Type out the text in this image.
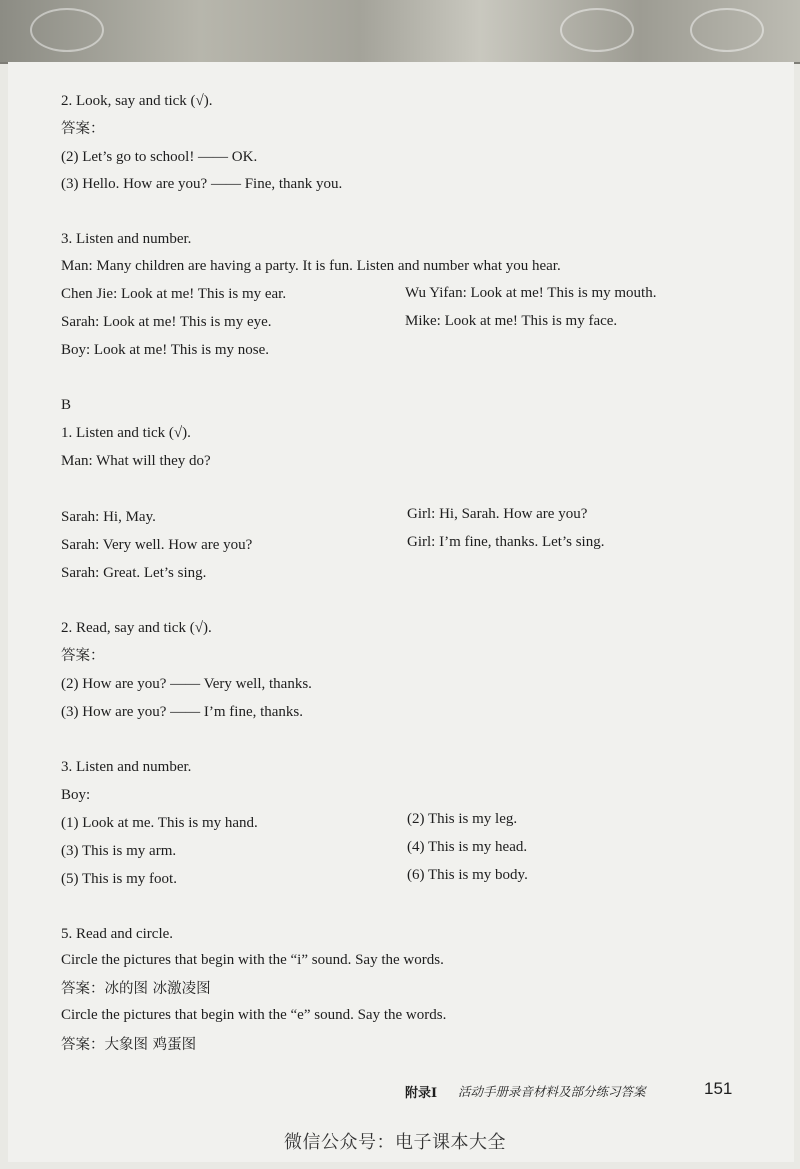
2. Look, say and tick (√).
答案：
(2) Let’s go to school! —— OK.
(3) Hello. How are you? —— Fine, thank you.
3. Listen and number.
Man: Many children are having a party. It is fun. Listen and number what you hear.
Chen Jie: Look at me! This is my ear.
Sarah: Look at me! This is my eye.
Boy: Look at me! This is my nose.
Wu Yifan: Look at me! This is my mouth.
Mike: Look at me! This is my face.
B
1. Listen and tick (√).
Man: What will they do?
Sarah: Hi, May.
Sarah: Very well. How are you?
Sarah: Great. Let’s sing.
Girl: Hi, Sarah. How are you?
Girl: I’m fine, thanks. Let’s sing.
2. Read, say and tick (√).
答案：
(2) How are you? —— Very well, thanks.
(3) How are you? —— I’m fine, thanks.
3. Listen and number.
Boy:
(1) Look at me. This is my hand.
(3) This is my arm.
(5) This is my foot.
(2) This is my leg.
(4) This is my head.
(6) This is my body.
5. Read and circle.
Circle the pictures that begin with the “i” sound. Say the words.
答案：冰的图 冰激凌图
Circle the pictures that begin with the “e” sound. Say the words.
答案：大象图 鸡蛋图
附录I 活动手册录音材料及部分练习答案	151
微信公众号：电子课本大全
